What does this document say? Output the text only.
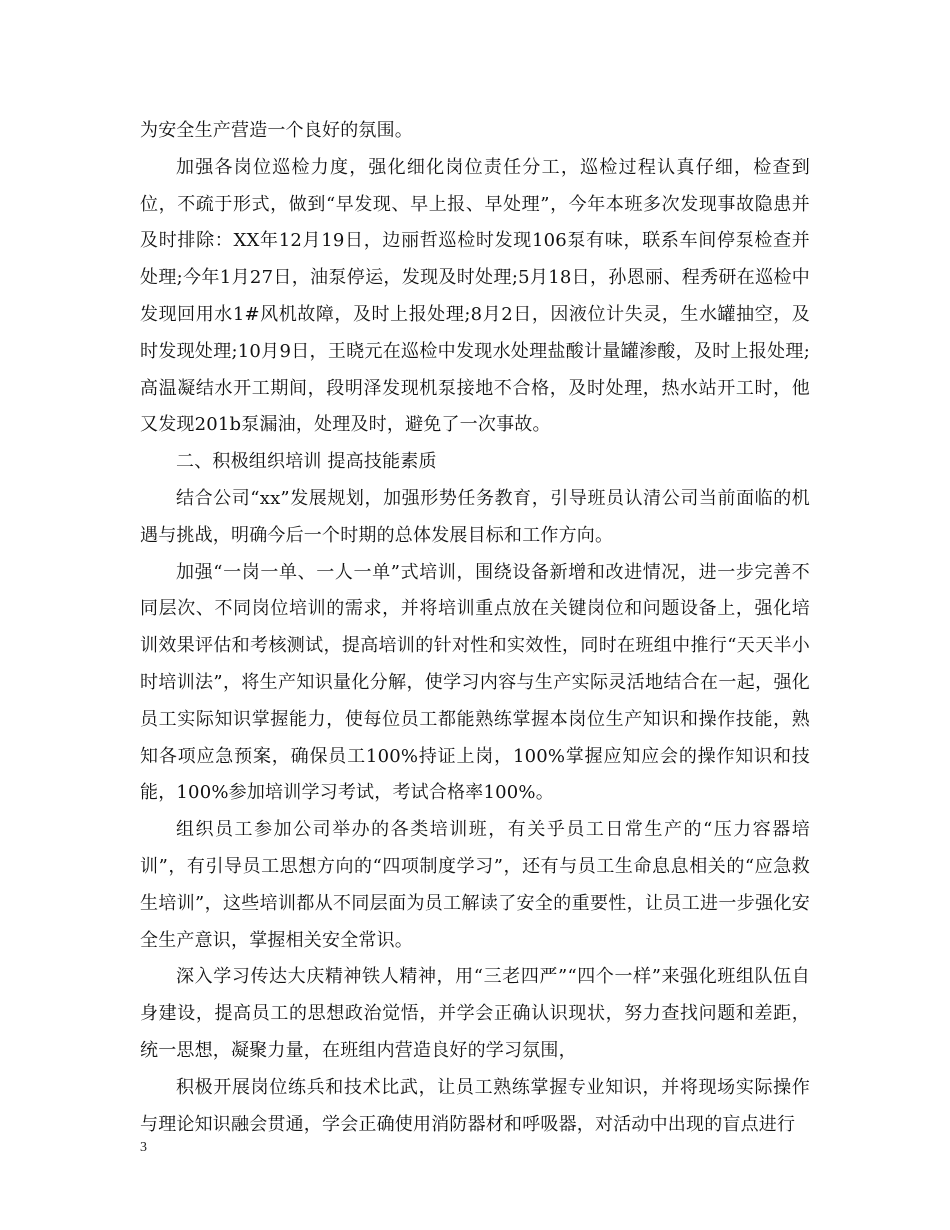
为安全生产营造一个良好的氛围。

加强各岗位巡检力度，强化细化岗位责任分工，巡检过程认真仔细，检查到位，不疏于形式，做到“早发现、早上报、早处理”，今年本班多次发现事故隐患并及时排除：XX年12月19日，边丽哲巡检时发现106泵有味，联系车间停泵检查并处理;今年1月27日，油泵停运，发现及时处理;5月18日，孙恩丽、程秀研在巡检中发现回用水1#风机故障，及时上报处理;8月2日，因液位计失灵，生水罐抽空，及时发现处理;10月9日，王晓元在巡检中发现水处理盐酸计量罐渗酸，及时上报处理;高温凝结水开工期间，段明泽发现机泵接地不合格，及时处理，热水站开工时，他又发现201b泵漏油，处理及时，避免了一次事故。

二、积极组织培训 提高技能素质

结合公司“xx”发展规划，加强形势任务教育，引导班员认清公司当前面临的机遇与挑战，明确今后一个时期的总体发展目标和工作方向。

加强“一岗一单、一人一单”式培训，围绕设备新增和改进情况，进一步完善不同层次、不同岗位培训的需求，并将培训重点放在关键岗位和问题设备上，强化培训效果评估和考核测试，提高培训的针对性和实效性，同时在班组中推行“天天半小时培训法”，将生产知识量化分解，使学习内容与生产实际灵活地结合在一起，强化员工实际知识掌握能力，使每位员工都能熟练掌握本岗位生产知识和操作技能，熟知各项应急预案，确保员工100%持证上岗，100%掌握应知应会的操作知识和技能，100%参加培训学习考试，考试合格率100%。

组织员工参加公司举办的各类培训班，有关乎员工日常生产的“压力容器培训”，有引导员工思想方向的“四项制度学习”，还有与员工生命息息相关的“应急救生培训”，这些培训都从不同层面为员工解读了安全的重要性，让员工进一步强化安全生产意识，掌握相关安全常识。

深入学习传达大庆精神铁人精神，用“三老四严”“四个一样”来强化班组队伍自身建设，提高员工的思想政治觉悟，并学会正确认识现状，努力查找问题和差距，统一思想，凝聚力量，在班组内营造良好的学习氛围，

积极开展岗位练兵和技术比武，让员工熟练掌握专业知识，并将现场实际操作与理论知识融会贯通，学会正确使用消防器材和呼吸器，对活动中出现的盲点进行

3
